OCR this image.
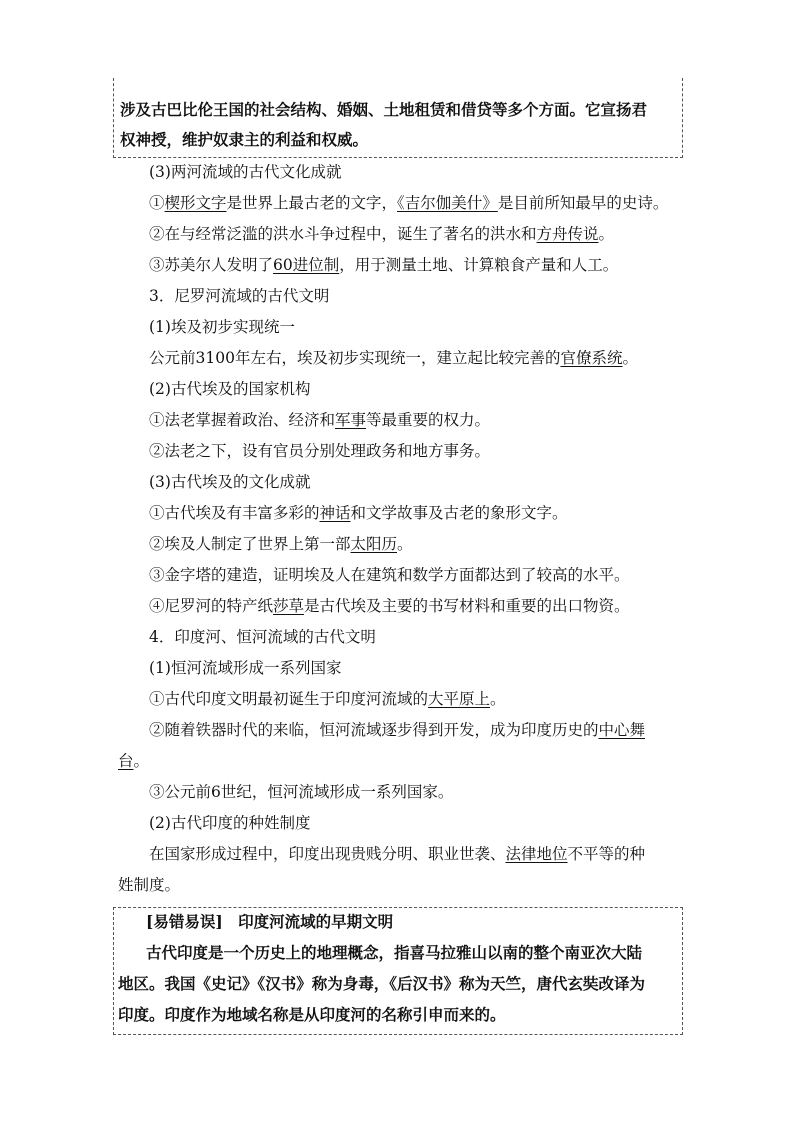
涉及古巴比伦王国的社会结构、婚姻、土地租赁和借贷等多个方面。它宣扬君
权神授，维护奴隶主的利益和权威。
(3)两河流域的古代文化成就
①楔形文字是世界上最古老的文字，《吉尔伽美什》是目前所知最早的史诗。
②在与经常泛滥的洪水斗争过程中，诞生了著名的洪水和方舟传说。
③苏美尔人发明了60进位制，用于测量土地、计算粮食产量和人工。
3．尼罗河流域的古代文明
(1)埃及初步实现统一
公元前3100年左右，埃及初步实现统一，建立起比较完善的官僚系统。
(2)古代埃及的国家机构
①法老掌握着政治、经济和军事等最重要的权力。
②法老之下，设有官员分别处理政务和地方事务。
(3)古代埃及的文化成就
①古代埃及有丰富多彩的神话和文学故事及古老的象形文字。
②埃及人制定了世界上第一部太阳历。
③金字塔的建造，证明埃及人在建筑和数学方面都达到了较高的水平。
④尼罗河的特产纸莎草是古代埃及主要的书写材料和重要的出口物资。
4．印度河、恒河流域的古代文明
(1)恒河流域形成一系列国家
①古代印度文明最初诞生于印度河流域的大平原上。
②随着铁器时代的来临，恒河流域逐步得到开发，成为印度历史的中心舞
台。
③公元前6世纪，恒河流域形成一系列国家。
(2)古代印度的种姓制度
在国家形成过程中，印度出现贵贱分明、职业世袭、法律地位不平等的种
姓制度。
[易错易误]　印度河流域的早期文明
古代印度是一个历史上的地理概念，指喜马拉雅山以南的整个南亚次大陆
地区。我国《史记》《汉书》称为身毒，《后汉书》称为天竺，唐代玄奘改译为
印度。印度作为地域名称是从印度河的名称引申而来的。
